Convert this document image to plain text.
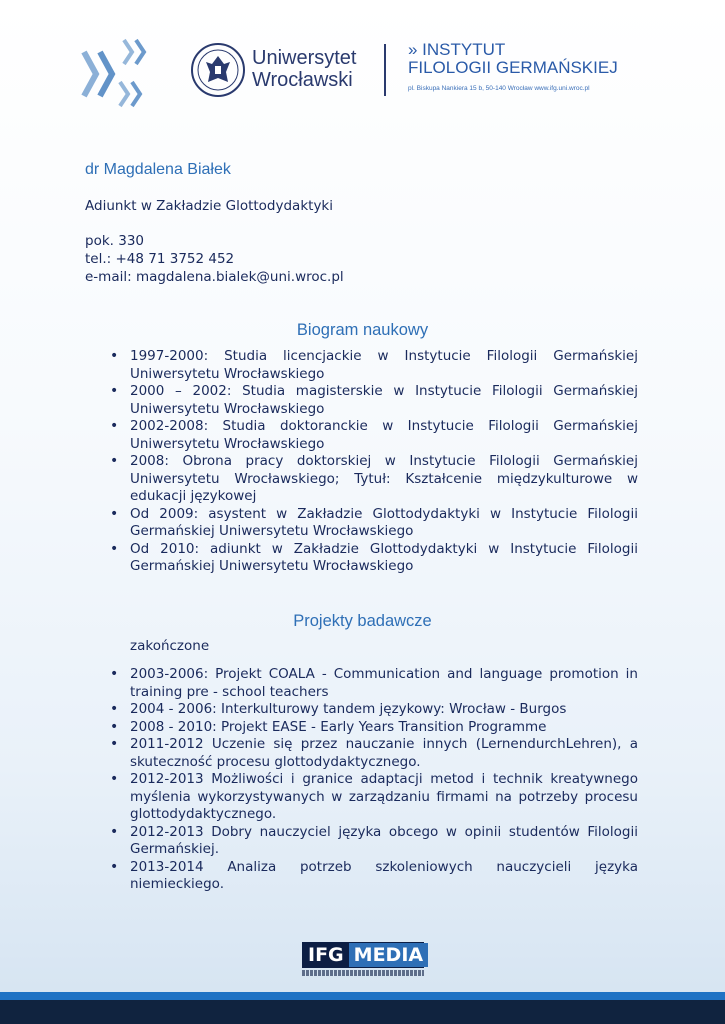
Uniwersytet
Wrocławski
» INSTYTUT
FILOLOGII GERMAŃSKIEJ
pl. Biskupa Nankiera 15 b, 50-140 Wrocław www.ifg.uni.wroc.pl
dr Magdalena Białek
Adiunkt w Zakładzie Glottodydaktyki
pok. 330
tel.: +48 71 3752 452
e-mail: magdalena.bialek@uni.wroc.pl
Biogram naukowy
• 1997-2000: Studia licencjackie w Instytucie Filologii Germańskiej Uniwersytetu Wrocławskiego
• 2000 – 2002: Studia magisterskie w Instytucie Filologii Germańskiej Uniwersytetu Wrocławskiego
• 2002-2008: Studia doktoranckie w Instytucie Filologii Germańskiej Uniwersytetu Wrocławskiego
• 2008: Obrona pracy doktorskiej w Instytucie Filologii Germańskiej Uniwersytetu Wrocławskiego; Tytuł: Kształcenie międzykulturowe w edukacji językowej
• Od 2009: asystent w Zakładzie Glottodydaktyki w Instytucie Filologii Germańskiej Uniwersytetu Wrocławskiego
• Od 2010: adiunkt w Zakładzie Glottodydaktyki w Instytucie Filologii Germańskiej Uniwersytetu Wrocławskiego
Projekty badawcze
zakończone
• 2003-2006: Projekt COALA - Communication and language promotion in training pre - school teachers
• 2004 - 2006: Interkulturowy tandem językowy: Wrocław - Burgos
• 2008 - 2010: Projekt EASE - Early Years Transition Programme
• 2011-2012 Uczenie się przez nauczanie innych (LernendurchLehren), a skuteczność procesu glottodydaktycznego.
• 2012-2013 Możliwości i granice adaptacji metod i technik kreatywnego myślenia wykorzystywanych w zarządzaniu firmami na potrzeby procesu glottodydaktycznego.
• 2012-2013 Dobry nauczyciel języka obcego w opinii studentów Filologii Germańskiej.
• 2013-2014 Analiza potrzeb szkoleniowych nauczycieli języka niemieckiego.
IFG MEDIA
